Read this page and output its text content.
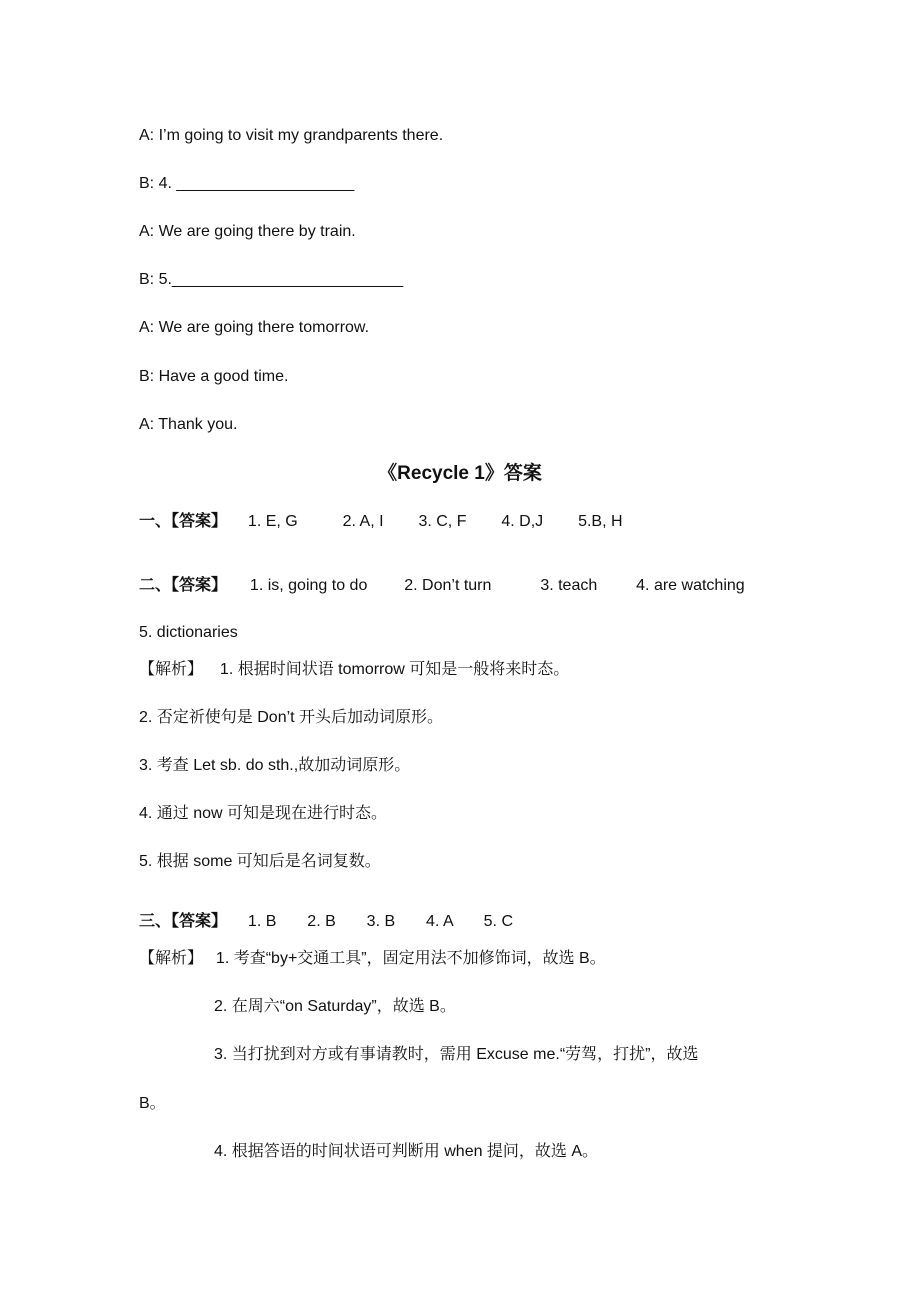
A: I’m going to visit my grandparents there.
B: 4. ____________________
A: We are going there by train.
B: 5.__________________________
A: We are going there tomorrow.
B: Have a good time.
A: Thank you.
《Recycle 1》答案
一、【答案】 1. E, G	2. A, I 3. C, F 4. D,J 5.B, H
二、【答案】 1. is, going to do 2. Don’t turn	3. teach 4. are watching
5. dictionaries
【解析】 1. 根据时间状语 tomorrow 可知是一般将来时态。
2. 否定祈使句是 Don’t 开头后加动词原形。
3. 考查 Let sb. do sth.,故加动词原形。
4. 通过 now 可知是现在进行时态。
5. 根据 some 可知后是名词复数。
三、【答案】 1. B 2. B 3. B 4. A 5. C
【解析】 1. 考查“by+交通工具”，固定用法不加修饰词，故选 B。
2. 在周六“on Saturday”，故选 B。
3. 当打扰到对方或有事请教时，需用 Excuse me.“劳驾，打扰”，故选
B。
4. 根据答语的时间状语可判断用 when 提问，故选 A。
